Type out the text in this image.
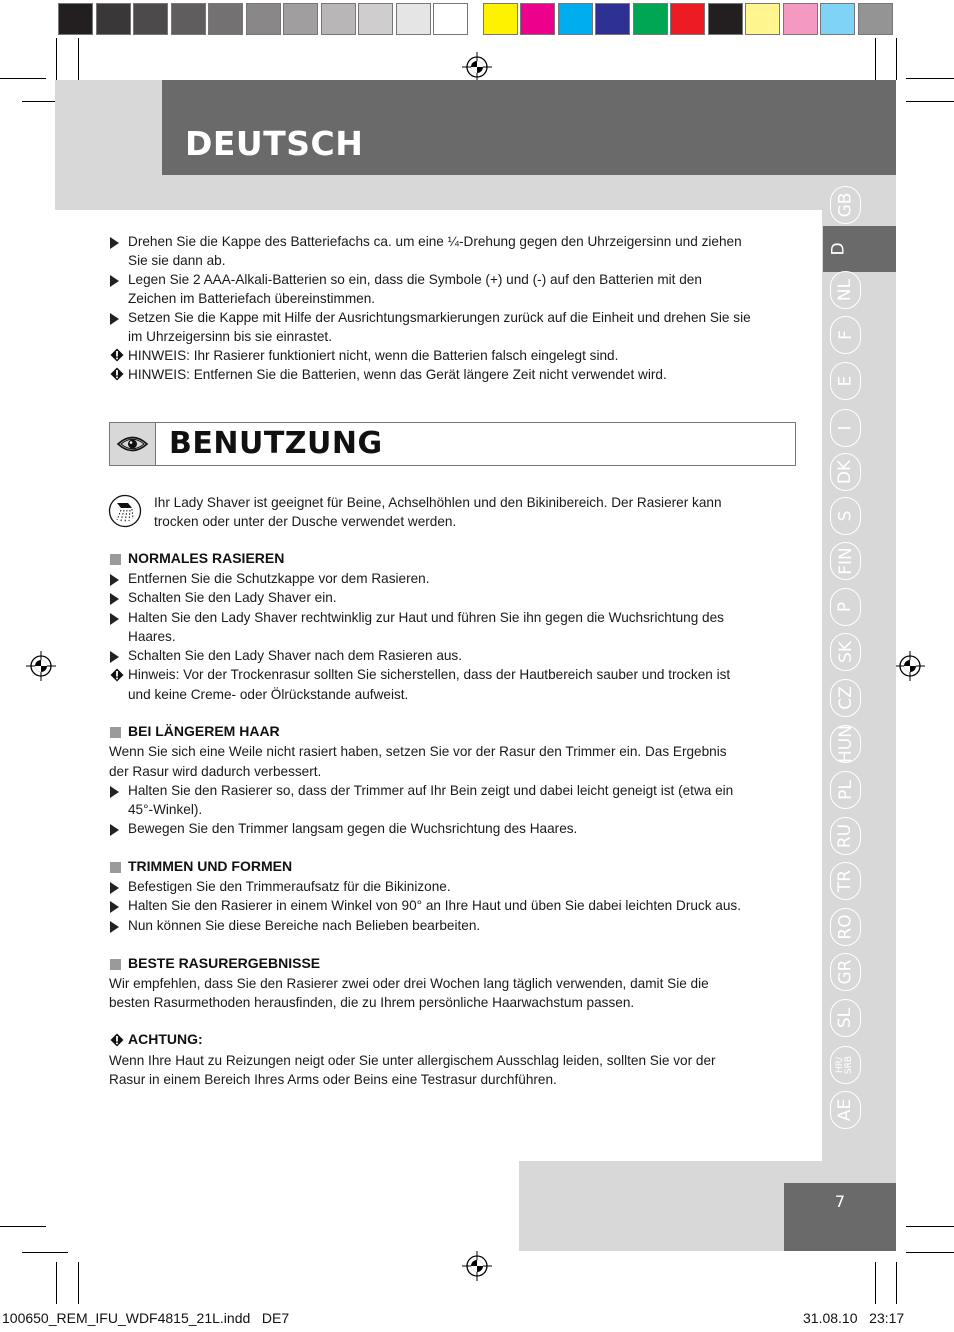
DEUTSCH
7
GB
D
NL
F
E
I
DK
S
FIN
P
SK
CZ
HUN
PL
RU
TR
RO
GR
SL
HR/
SRB
AE
Drehen Sie die Kappe des Batteriefachs ca. um eine ¼-Drehung gegen den Uhrzeigersinn und ziehen
Sie sie dann ab.
Legen Sie 2 AAA-Alkali-Batterien so ein, dass die Symbole (+) und (-) auf den Batterien mit den
Zeichen im Batteriefach übereinstimmen.
Setzen Sie die Kappe mit Hilfe der Ausrichtungsmarkierungen zurück auf die Einheit und drehen Sie sie
im Uhrzeigersinn bis sie einrastet.
HINWEIS: Ihr Rasierer funktioniert nicht, wenn die Batterien falsch eingelegt sind.
HINWEIS: Entfernen Sie die Batterien, wenn das Gerät längere Zeit nicht verwendet wird.
BENUTZUNG
Ihr Lady Shaver ist geeignet für Beine, Achselhöhlen und den Bikinibereich. Der Rasierer kann
trocken oder unter der Dusche verwendet werden.
NORMALES RASIEREN
Entfernen Sie die Schutzkappe vor dem Rasieren.
Schalten Sie den Lady Shaver ein.
Halten Sie den Lady Shaver rechtwinklig zur Haut und führen Sie ihn gegen die Wuchsrichtung des
Haares.
Schalten Sie den Lady Shaver nach dem Rasieren aus.
Hinweis: Vor der Trockenrasur sollten Sie sicherstellen, dass der Hautbereich sauber und trocken ist
und keine Creme- oder Ölrückstande aufweist.
BEI LÄNGEREM HAAR
Wenn Sie sich eine Weile nicht rasiert haben, setzen Sie vor der Rasur den Trimmer ein. Das Ergebnis
der Rasur wird dadurch verbessert.
Halten Sie den Rasierer so, dass der Trimmer auf Ihr Bein zeigt und dabei leicht geneigt ist (etwa ein
45°-Winkel).
Bewegen Sie den Trimmer langsam gegen die Wuchsrichtung des Haares.
TRIMMEN UND FORMEN
Befestigen Sie den Trimmeraufsatz für die Bikinizone.
Halten Sie den Rasierer in einem Winkel von 90° an Ihre Haut und üben Sie dabei leichten Druck aus.
Nun können Sie diese Bereiche nach Belieben bearbeiten.
BESTE RASURERGEBNISSE
Wir empfehlen, dass Sie den Rasierer zwei oder drei Wochen lang täglich verwenden, damit Sie die
besten Rasurmethoden herausfinden, die zu Ihrem persönliche Haarwachstum passen.
ACHTUNG:
Wenn Ihre Haut zu Reizungen neigt oder Sie unter allergischem Ausschlag leiden, sollten Sie vor der
Rasur in einem Bereich Ihres Arms oder Beins eine Testrasur durchführen.
100650_REM_IFU_WDF4815_21L.indd   DE7	31.08.10   23:17
